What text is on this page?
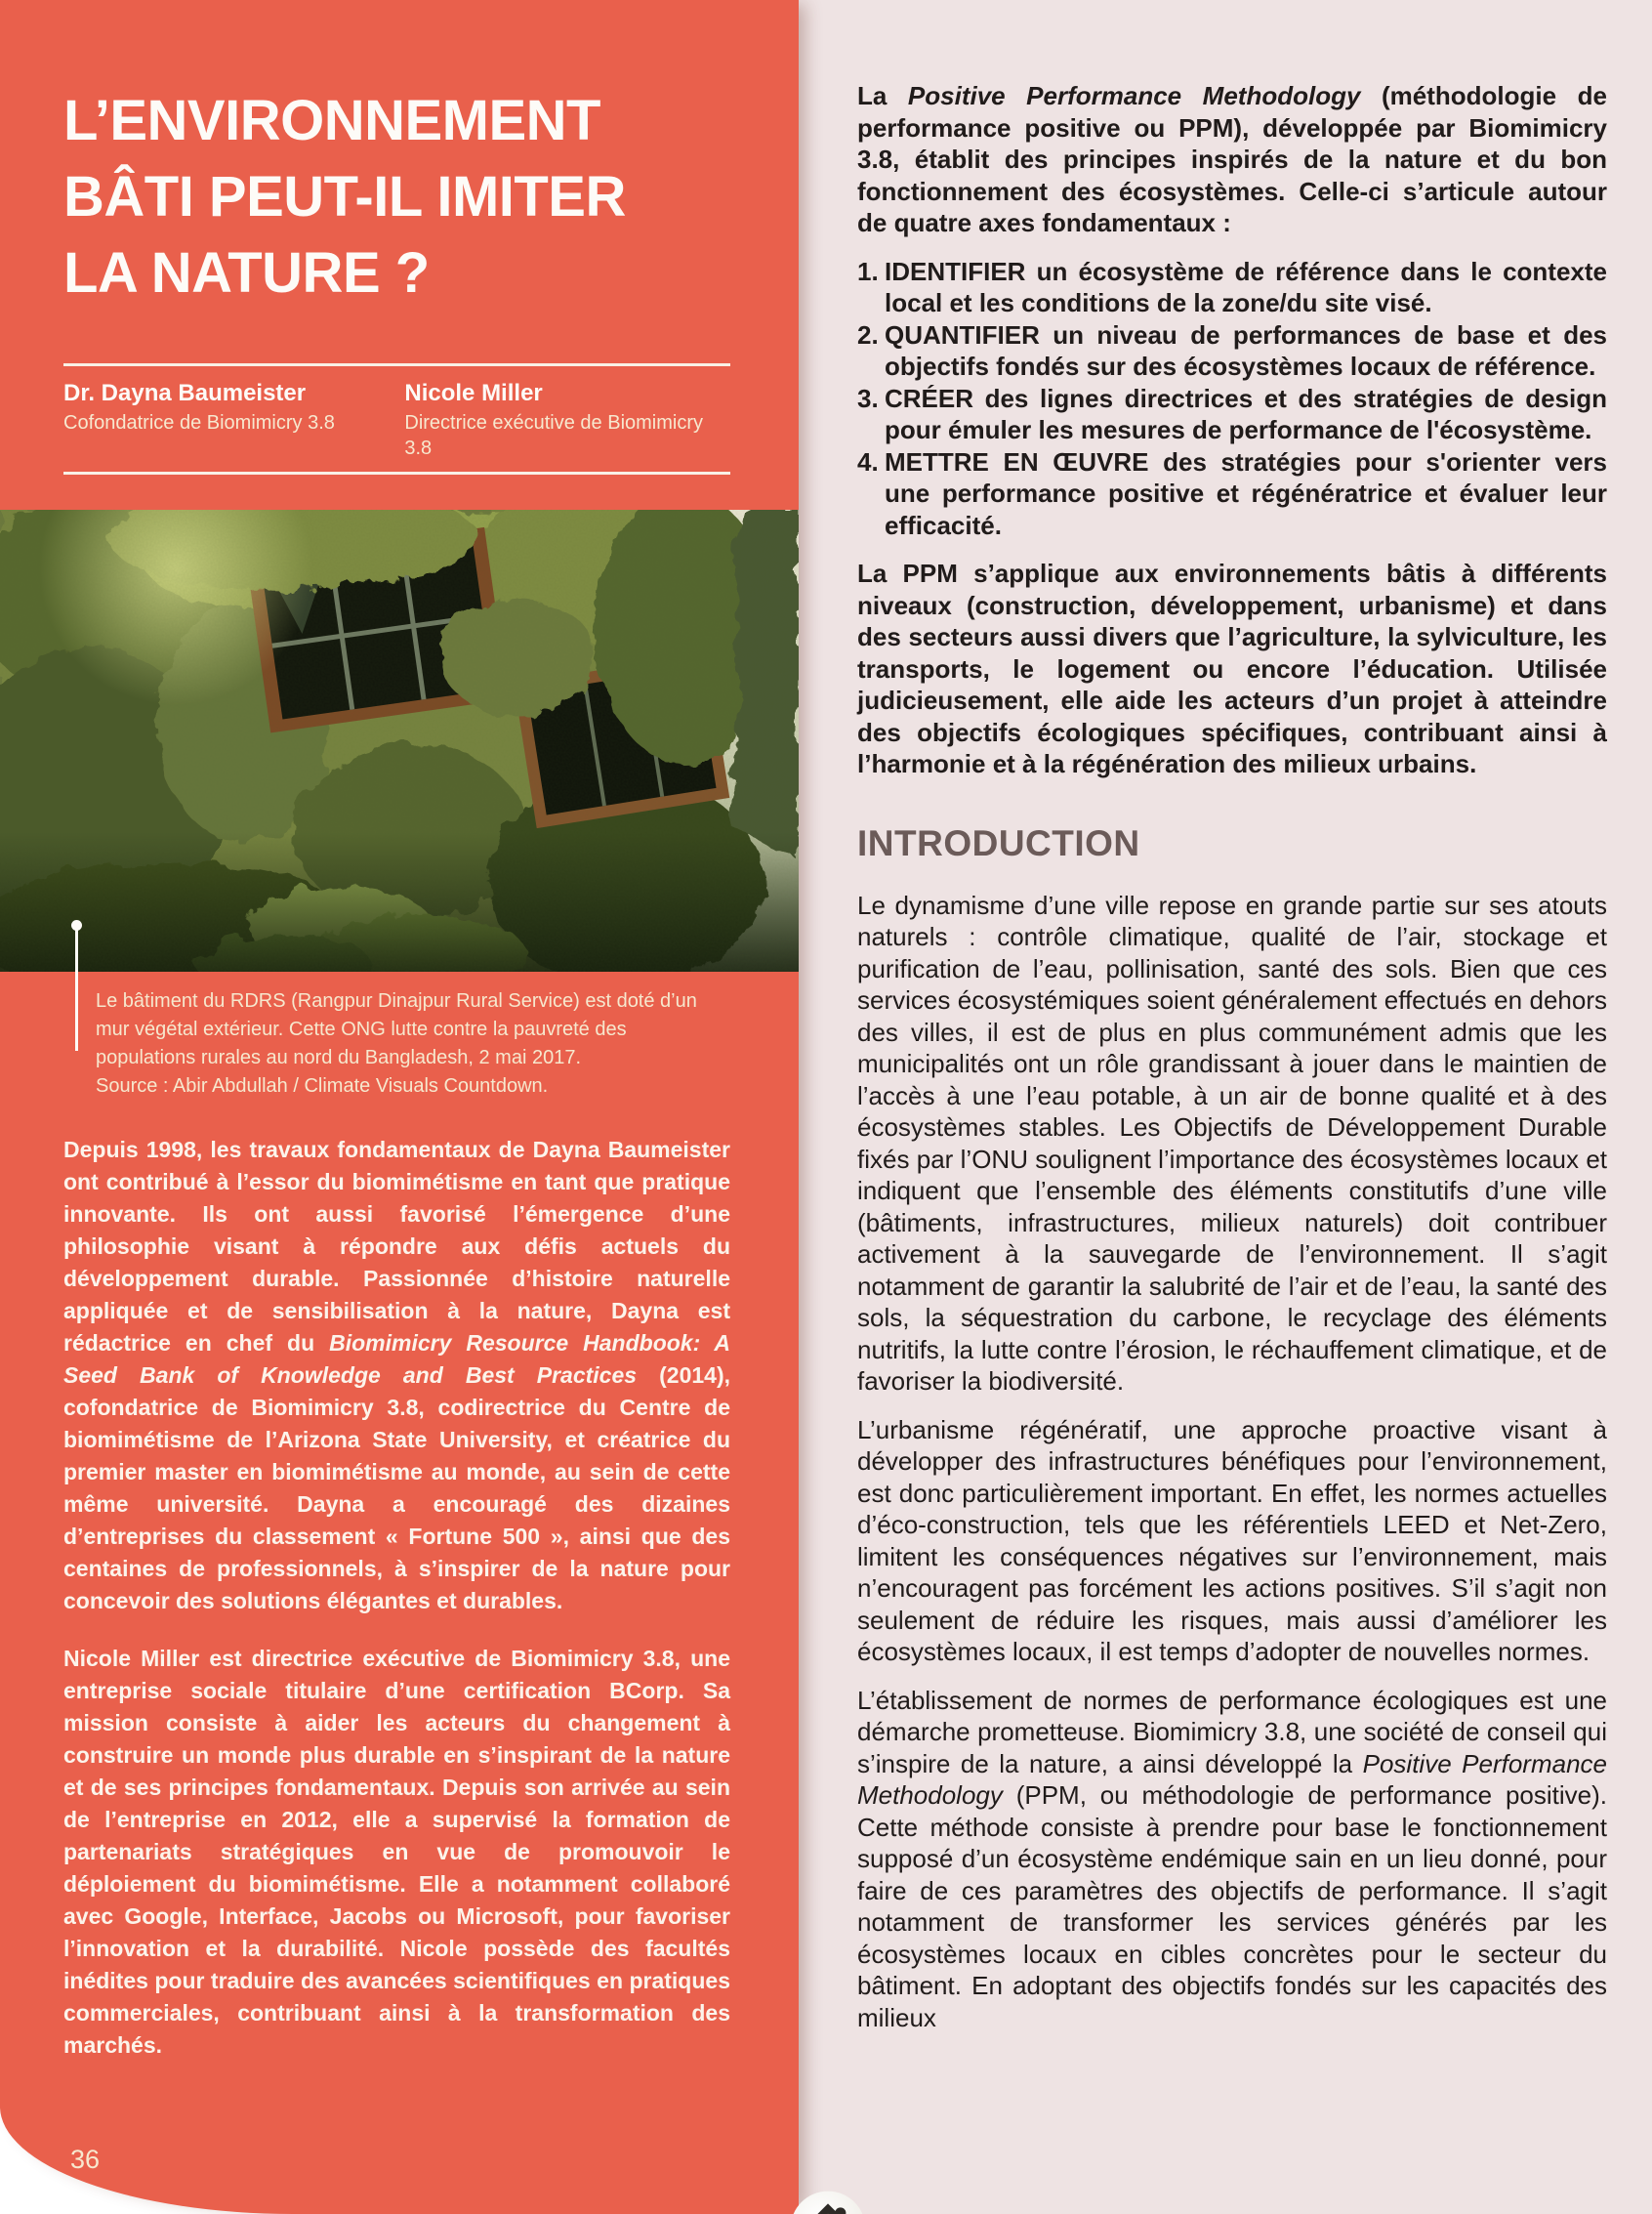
L’ENVIRONNEMENT
BÂTI PEUT-IL IMITER
LA NATURE ?
Dr. Dayna Baumeister
Cofondatrice de Biomimicry 3.8
Nicole Miller
Directrice exécutive de Biomimicry 3.8
Le bâtiment du RDRS (Rangpur Dinajpur Rural Service) est doté d’un mur végétal extérieur. Cette ONG lutte contre la pauvreté des populations rurales au nord du Bangladesh, 2 mai 2017.
Source : Abir Abdullah / Climate Visuals Countdown.

Depuis 1998, les travaux fondamentaux de Dayna Baumeister ont contribué à l’essor du biomimétisme en tant que pratique innovante. Ils ont aussi favorisé l’émergence d’une philosophie visant à répondre aux défis actuels du développement durable. Passionnée d’histoire naturelle appliquée et de sensibilisation à la nature, Dayna est rédactrice en chef du Biomimicry Resource Handbook: A Seed Bank of Knowledge and Best Practices (2014), cofondatrice de Biomimicry 3.8, codirectrice du Centre de biomimétisme de l’Arizona State University, et créatrice du premier master en biomimétisme au monde, au sein de cette même université. Dayna a encouragé des dizaines d’entreprises du classement « Fortune 500 », ainsi que des centaines de professionnels, à s’inspirer de la nature pour concevoir des solutions élégantes et durables.

Nicole Miller est directrice exécutive de Biomimicry 3.8, une entreprise sociale titulaire d’une certification BCorp. Sa mission consiste à aider les acteurs du changement à construire un monde plus durable en s’inspirant de la nature et de ses principes fondamentaux. Depuis son arrivée au sein de l’entreprise en 2012, elle a supervisé la formation de partenariats stratégiques en vue de promouvoir le déploiement du biomimétisme. Elle a notamment collaboré avec Google, Interface, Jacobs ou Microsoft, pour favoriser l’innovation et la durabilité. Nicole possède des facultés inédites pour traduire des avancées scientifiques en pratiques commerciales, contribuant ainsi à la transformation des marchés.

36

La Positive Performance Methodology (méthodologie de performance positive ou PPM), développée par Biomimicry 3.8, établit des principes inspirés de la nature et du bon fonctionnement des écosystèmes. Celle-ci s’articule autour de quatre axes fondamentaux :

1. IDENTIFIER un écosystème de référence dans le contexte local et les conditions de la zone/du site visé.
2. QUANTIFIER un niveau de performances de base et des objectifs fondés sur des écosystèmes locaux de référence.
3. CRÉER des lignes directrices et des stratégies de design pour émuler les mesures de performance de l'écosystème.
4. METTRE EN ŒUVRE des stratégies pour s'orienter vers une performance positive et régénératrice et évaluer leur efficacité.

La PPM s’applique aux environnements bâtis à différents niveaux (construction, développement, urbanisme) et dans des secteurs aussi divers que l’agriculture, la sylviculture, les transports, le logement ou encore l’éducation. Utilisée judicieusement, elle aide les acteurs d’un projet à atteindre des objectifs écologiques spécifiques, contribuant ainsi à l’harmonie et à la régénération des milieux urbains.

INTRODUCTION

Le dynamisme d’une ville repose en grande partie sur ses atouts naturels : contrôle climatique, qualité de l’air, stockage et purification de l’eau, pollinisation, santé des sols. Bien que ces services écosystémiques soient généralement effectués en dehors des villes, il est de plus en plus communément admis que les municipalités ont un rôle grandissant à jouer dans le maintien de l’accès à une l’eau potable, à un air de bonne qualité et à des écosystèmes stables. Les Objectifs de Développement Durable fixés par l’ONU soulignent l’importance des écosystèmes locaux et indiquent que l’ensemble des éléments constitutifs d’une ville (bâtiments, infrastructures, milieux naturels) doit contribuer activement à la sauvegarde de l’environnement. Il s’agit notamment de garantir la salubrité de l’air et de l’eau, la santé des sols, la séquestration du carbone, le recyclage des éléments nutritifs, la lutte contre l’érosion, le réchauffement climatique, et de favoriser la biodiversité.

L’urbanisme régénératif, une approche proactive visant à développer des infrastructures bénéfiques pour l’environnement, est donc particulièrement important. En effet, les normes actuelles d’éco-construction, tels que les référentiels LEED et Net-Zero, limitent les conséquences négatives sur l’environnement, mais n’encouragent pas forcément les actions positives. S’il s’agit non seulement de réduire les risques, mais aussi d’améliorer les écosystèmes locaux, il est temps d’adopter de nouvelles normes.

L’établissement de normes de performance écologiques est une démarche prometteuse. Biomimicry 3.8, une société de conseil qui s’inspire de la nature, a ainsi développé la Positive Performance Methodology (PPM, ou méthodologie de performance positive). Cette méthode consiste à prendre pour base le fonctionnement supposé d’un écosystème endémique sain en un lieu donné, pour faire de ces paramètres des objectifs de performance. Il s’agit notamment de transformer les services générés par les écosystèmes locaux en cibles concrètes pour le secteur du bâtiment. En adoptant des objectifs fondés sur les capacités des milieux
